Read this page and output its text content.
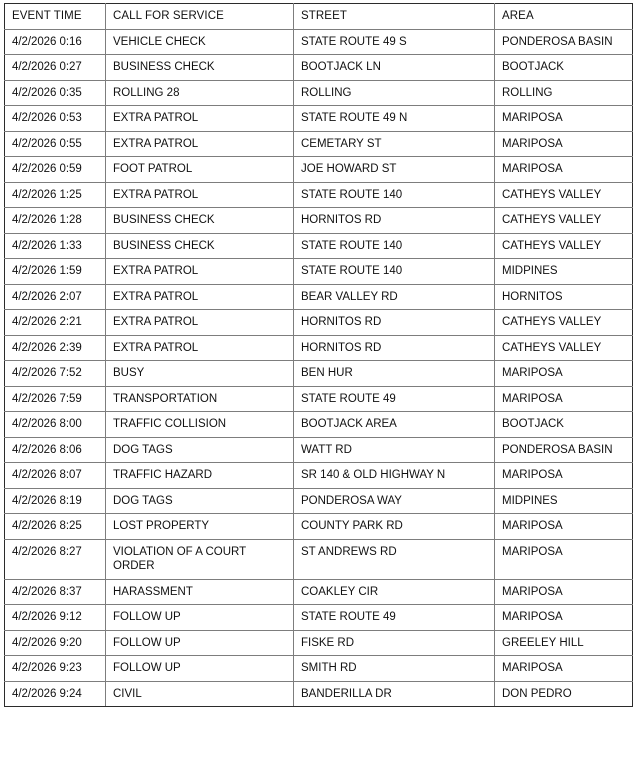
EVENT TIME	CALL FOR SERVICE	STREET	AREA
4/2/2026 0:16	VEHICLE CHECK	STATE ROUTE 49 S	PONDEROSA BASIN
4/2/2026 0:27	BUSINESS CHECK	BOOTJACK LN	BOOTJACK
4/2/2026 0:35	ROLLING 28	ROLLING	ROLLING
4/2/2026 0:53	EXTRA PATROL	STATE ROUTE 49 N	MARIPOSA
4/2/2026 0:55	EXTRA PATROL	CEMETARY ST	MARIPOSA
4/2/2026 0:59	FOOT PATROL	JOE HOWARD ST	MARIPOSA
4/2/2026 1:25	EXTRA PATROL	STATE ROUTE 140	CATHEYS VALLEY
4/2/2026 1:28	BUSINESS CHECK	HORNITOS RD	CATHEYS VALLEY
4/2/2026 1:33	BUSINESS CHECK	STATE ROUTE 140	CATHEYS VALLEY
4/2/2026 1:59	EXTRA PATROL	STATE ROUTE 140	MIDPINES
4/2/2026 2:07	EXTRA PATROL	BEAR VALLEY RD	HORNITOS
4/2/2026 2:21	EXTRA PATROL	HORNITOS RD	CATHEYS VALLEY
4/2/2026 2:39	EXTRA PATROL	HORNITOS RD	CATHEYS VALLEY
4/2/2026 7:52	BUSY	BEN HUR	MARIPOSA
4/2/2026 7:59	TRANSPORTATION	STATE ROUTE 49	MARIPOSA
4/2/2026 8:00	TRAFFIC COLLISION	BOOTJACK AREA	BOOTJACK
4/2/2026 8:06	DOG TAGS	WATT RD	PONDEROSA BASIN
4/2/2026 8:07	TRAFFIC HAZARD	SR 140 & OLD HIGHWAY N	MARIPOSA
4/2/2026 8:19	DOG TAGS	PONDEROSA WAY	MIDPINES
4/2/2026 8:25	LOST PROPERTY	COUNTY PARK RD	MARIPOSA
4/2/2026 8:27	VIOLATION OF A COURT ORDER	ST ANDREWS RD	MARIPOSA
4/2/2026 8:37	HARASSMENT	COAKLEY CIR	MARIPOSA
4/2/2026 9:12	FOLLOW UP	STATE ROUTE 49	MARIPOSA
4/2/2026 9:20	FOLLOW UP	FISKE RD	GREELEY HILL
4/2/2026 9:23	FOLLOW UP	SMITH RD	MARIPOSA
4/2/2026 9:24	CIVIL	BANDERILLA DR	DON PEDRO
